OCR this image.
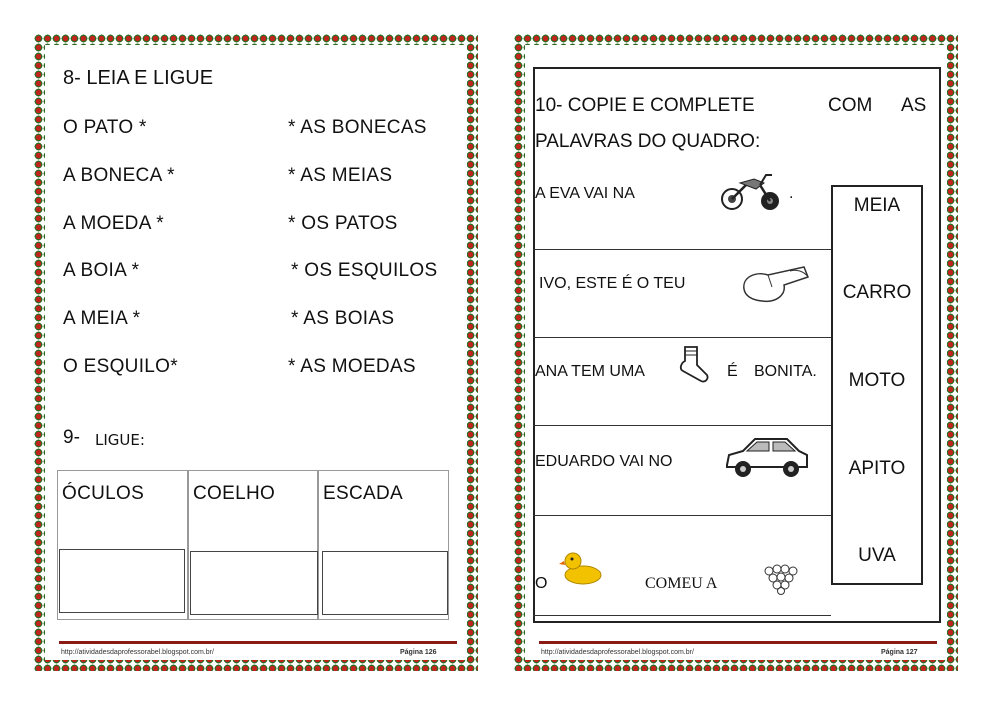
8- LEIA E LIGUE
O PATO *
A BONECA *
A MOEDA *
A BOIA *
A MEIA *
O ESQUILO*
* AS BONECAS
* AS MEIAS
* OS PATOS
* OS ESQUILOS
* AS BOIAS
* AS MOEDAS
9- LIGUE:
ÓCULOS	COELHO	ESCADA
http://atividadesdaprofessorabel.blogspot.com.br/	Página 126
10- COPIE E COMPLETE	COM AS
PALAVRAS DO QUADRO:
A EVA VAI NA	.
IVO, ESTE É O TEU
ANA TEM UMA	É BONITA.
EDUARDO VAI NO
O	COMEU A
MEIA
CARRO
MOTO
APITO
UVA
http://atividadesdaprofessorabel.blogspot.com.br/	Página 127
